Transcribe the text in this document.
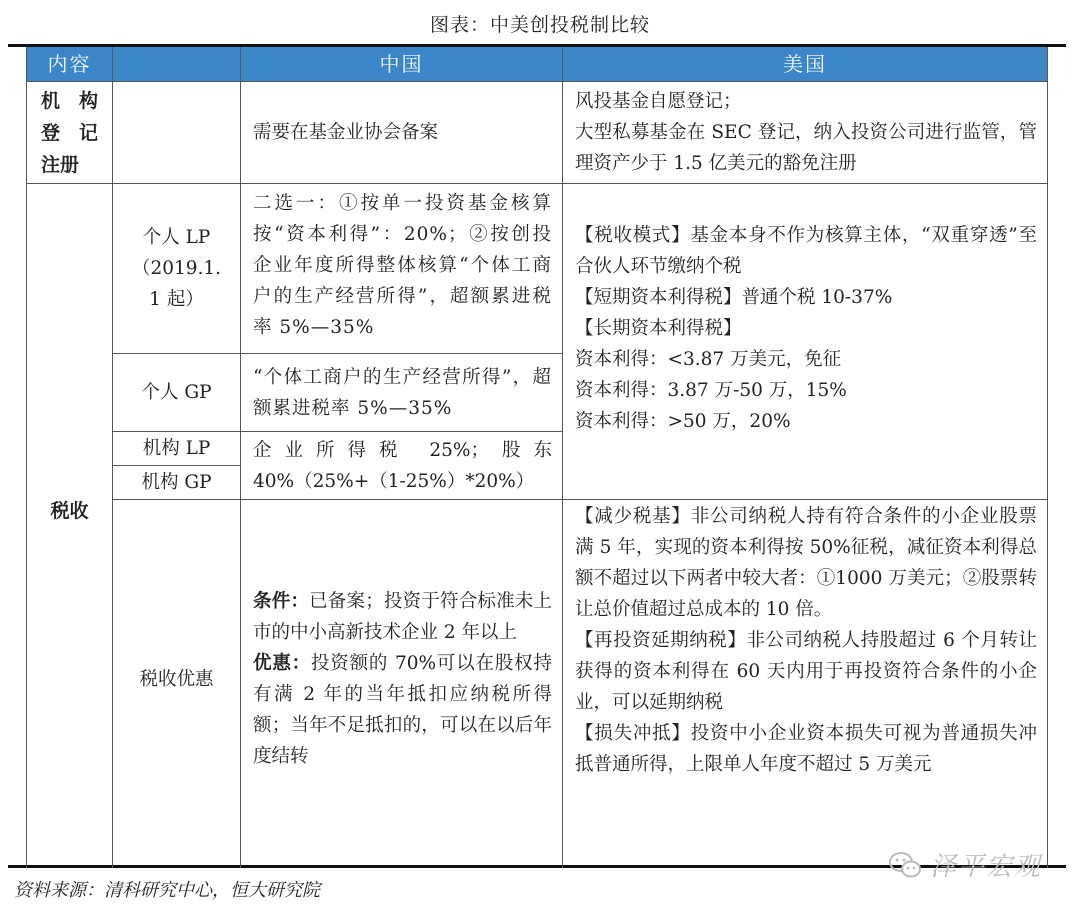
图表：中美创投税制比较
内容	中国	美国
机　构
登　记
注册
需要在基金业协会备案
风投基金自愿登记；
大型私募基金在 SEC 登记，纳入投资公司进行监管，管理资产少于 1.5 亿美元的豁免注册
税收
个人 LP
（2019.1.
1 起）
二选一：①按单一投资基金核算按“资本利得”：20%；②按创投企业年度所得整体核算“个体工商户的生产经营所得”，超额累进税率 5%—35%
【税收模式】基金本身不作为核算主体，“双重穿透”至合伙人环节缴纳个税
【短期资本利得税】普通个税 10-37%
【长期资本利得税】
资本利得：<3.87 万美元，免征
资本利得：3.87 万-50 万，15%
资本利得：>50 万，20%
个人 GP
“个体工商户的生产经营所得”，超额累进税率 5%—35%
机构 LP
机构 GP
企业所得税 25%；股东 40%（25%+（1-25%）*20%）
税收优惠
条件：已备案；投资于符合标准未上市的中小高新技术企业 2 年以上
优惠：投资额的 70%可以在股权持有满 2 年的当年抵扣应纳税所得额；当年不足抵扣的，可以在以后年度结转
【减少税基】非公司纳税人持有符合条件的小企业股票满 5 年，实现的资本利得按 50%征税，减征资本利得总额不超过以下两者中较大者：①1000 万美元；②股票转让总价值超过总成本的 10 倍。
【再投资延期纳税】非公司纳税人持股超过 6 个月转让获得的资本利得在 60 天内用于再投资符合条件的小企业，可以延期纳税
【损失冲抵】投资中小企业资本损失可视为普通损失冲抵普通所得，上限单人年度不超过 5 万美元
泽平宏观
资料来源：清科研究中心，恒大研究院
